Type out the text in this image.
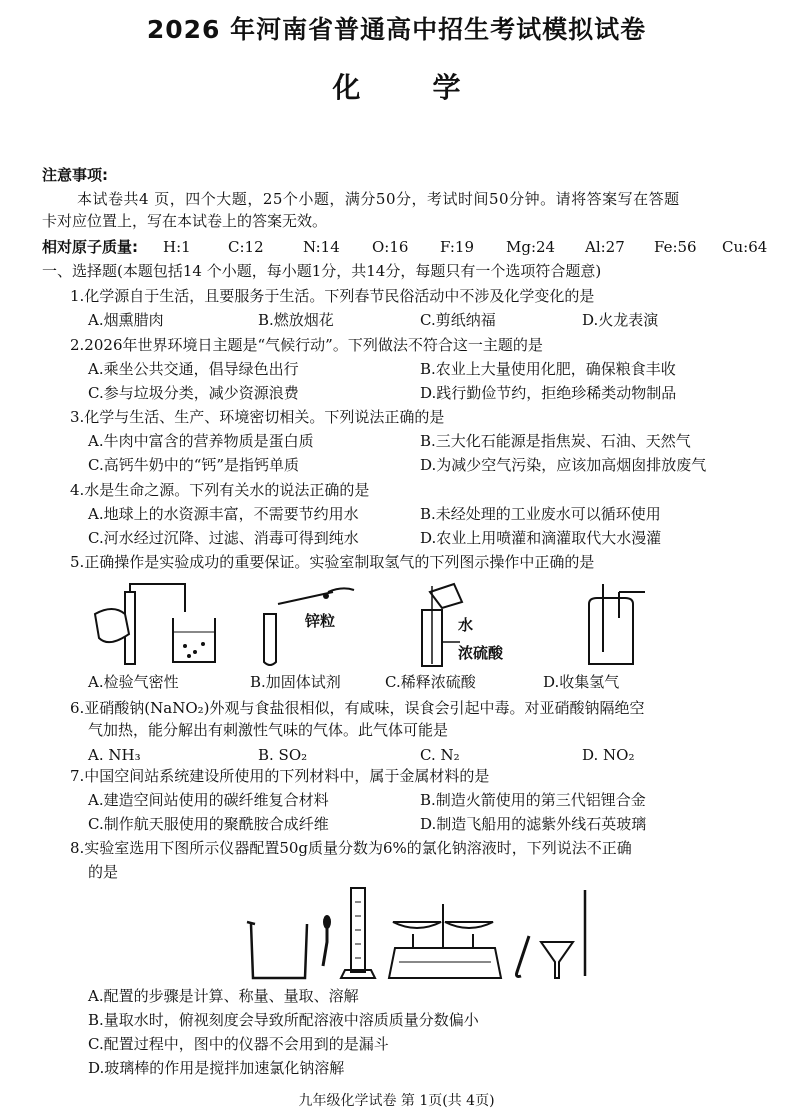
2026 年河南省普通高中招生考试模拟试卷
化学
注意事项:
本试卷共4 页，四个大题，25个小题，满分50分，考试时间50分钟。请将答案写在答题
卡对应位置上，写在本试卷上的答案无效。
相对原子质量: H:1 C:12	N:14 O:16 F:19 Mg:24 Al:27 Fe:56 Cu:64
一、选择题(本题包括14 个小题，每小题1分，共14分，每题只有一个选项符合题意)
1.化学源自于生活，且要服务于生活。下列春节民俗活动中不涉及化学变化的是
A.烟熏腊肉	B.燃放烟花	C.剪纸纳福	D.火龙表演
2.2026年世界环境日主题是“气候行动”。下列做法不符合这一主题的是
A.乘坐公共交通，倡导绿色出行	B.农业上大量使用化肥，确保粮食丰收
C.参与垃圾分类，减少资源浪费	D.践行勤俭节约，拒绝珍稀类动物制品
3.化学与生活、生产、环境密切相关。下列说法正确的是
A.牛肉中富含的营养物质是蛋白质	B.三大化石能源是指焦炭、石油、天然气
C.高钙牛奶中的“钙”是指钙单质	D.为减少空气污染，应该加高烟囱排放废气
4.水是生命之源。下列有关水的说法正确的是
A.地球上的水资源丰富，不需要节约用水	B.未经处理的工业废水可以循环使用
C.河水经过沉降、过滤、消毒可得到纯水	D.农业上用喷灌和滴灌取代大水漫灌
5.正确操作是实验成功的重要保证。实验室制取氢气的下列图示操作中正确的是
锌粒	水
浓硫酸
A.检验气密性	B.加固体试剂	C.稀释浓硫酸	D.收集氢气
6.亚硝酸钠(NaNO₂)外观与食盐很相似，有咸味，误食会引起中毒。对亚硝酸钠隔绝空
气加热，能分解出有刺激性气味的气体。此气体可能是
A. NH₃	B. SO₂	C. N₂	D. NO₂
7.中国空间站系统建设所使用的下列材料中，属于金属材料的是
A.建造空间站使用的碳纤维复合材料	B.制造火箭使用的第三代铝锂合金
C.制作航天服使用的聚酰胺合成纤维	D.制造飞船用的滤紫外线石英玻璃
8.实验室选用下图所示仪器配置50g质量分数为6%的氯化钠溶液时，下列说法不正确
的是
A.配置的步骤是计算、称量、量取、溶解
B.量取水时，俯视刻度会导致所配溶液中溶质质量分数偏小
C.配置过程中，图中的仪器不会用到的是漏斗
D.玻璃棒的作用是搅拌加速氯化钠溶解
九年级化学试卷 第 1页(共 4页)
